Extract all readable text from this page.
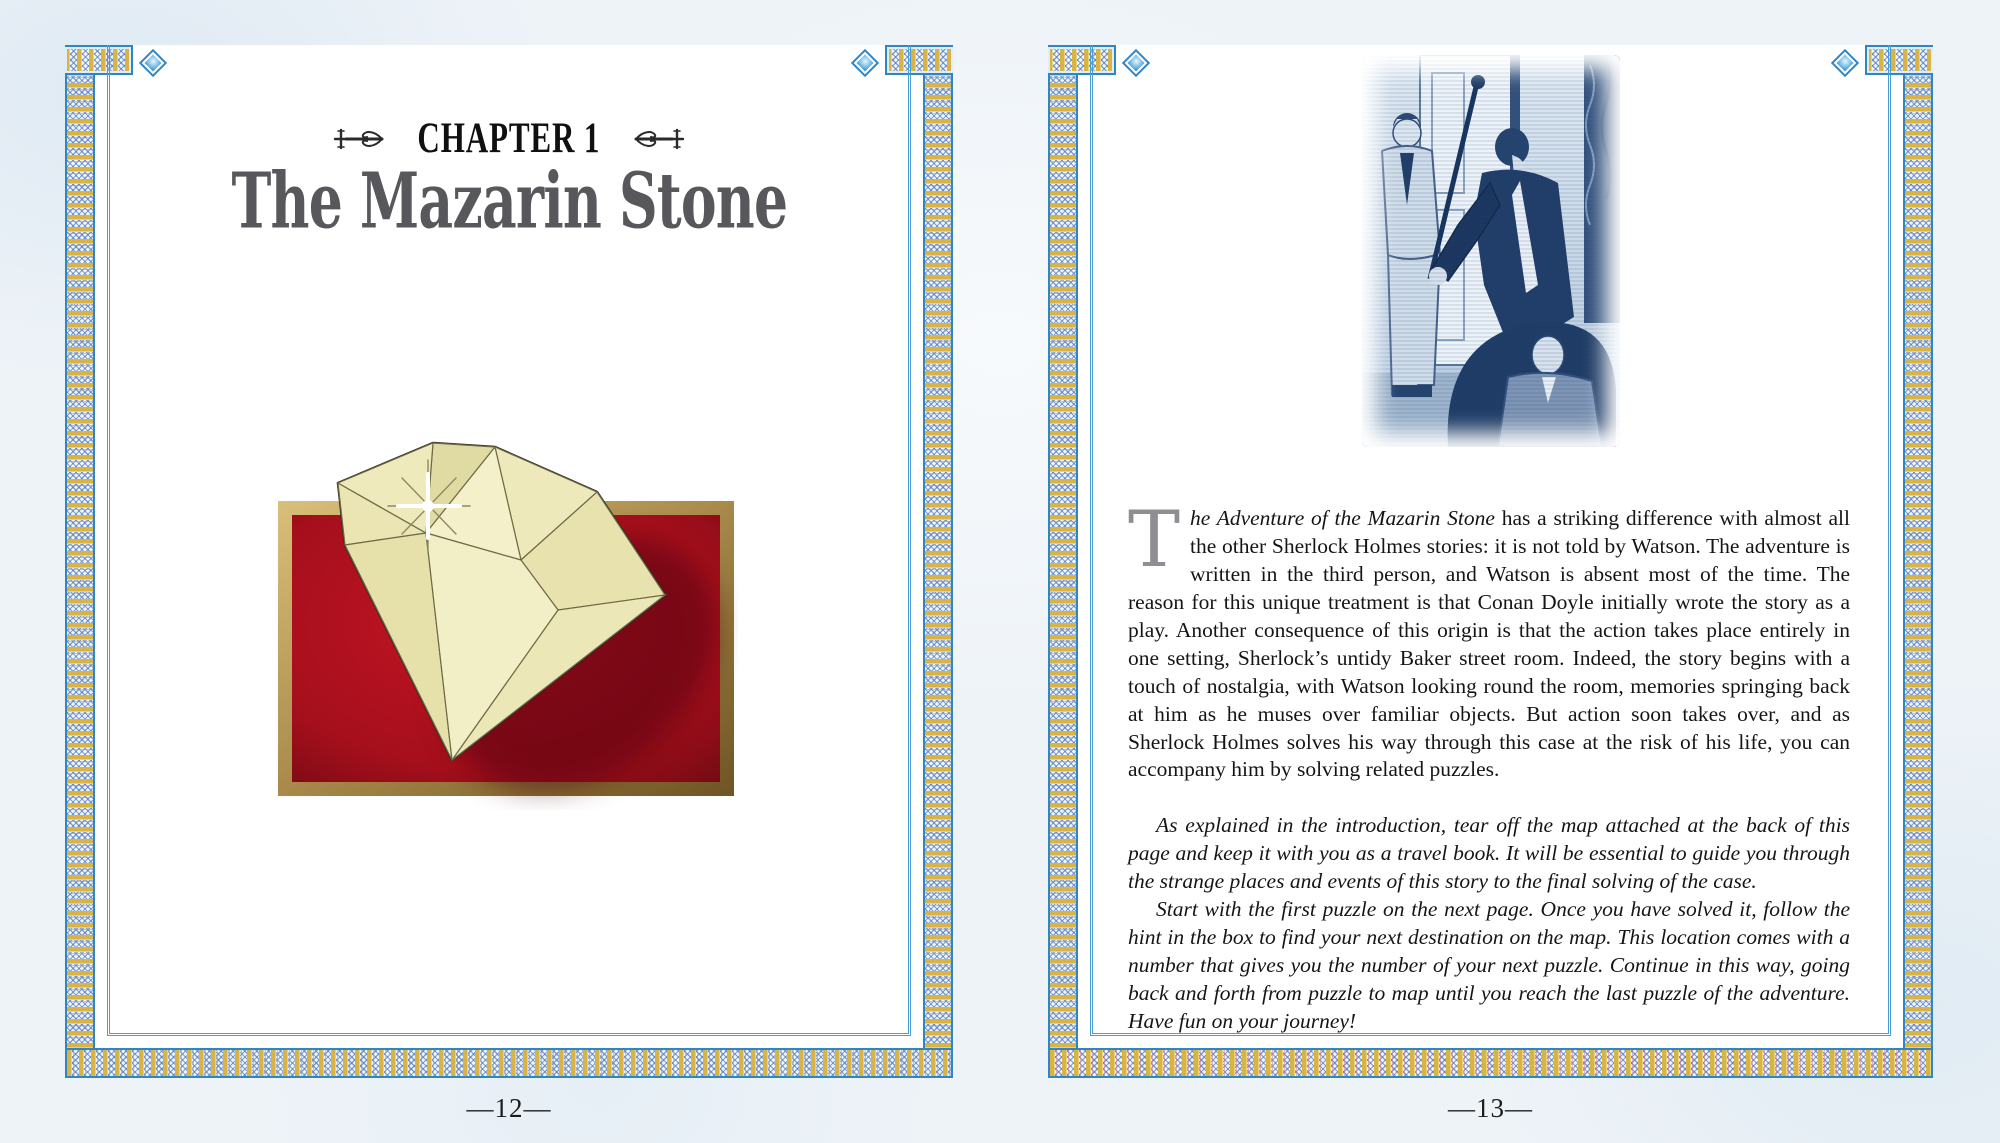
CHAPTER 1
The Mazarin Stone
—12—

The Adventure of the Mazarin Stone has a striking difference with almost all the other Sherlock Holmes stories: it is not told by Watson. The adventure is written in the third person, and Watson is absent most of the time. The reason for this unique treatment is that Conan Doyle initially wrote the story as a play. Another consequence of this origin is that the action takes place entirely in one setting, Sherlock’s untidy Baker street room. Indeed, the story begins with a touch of nostalgia, with Watson looking round the room, memories springing back at him as he muses over familiar objects. But action soon takes over, and as Sherlock Holmes solves his way through this case at the risk of his life, you can accompany him by solving related puzzles.

As explained in the introduction, tear off the map attached at the back of this page and keep it with you as a travel book. It will be essential to guide you through the strange places and events of this story to the final solving of the case.

Start with the first puzzle on the next page. Once you have solved it, follow the hint in the box to find your next destination on the map. This location comes with a number that gives you the number of your next puzzle. Continue in this way, going back and forth from puzzle to map until you reach the last puzzle of the adventure. Have fun on your journey!

—13—
